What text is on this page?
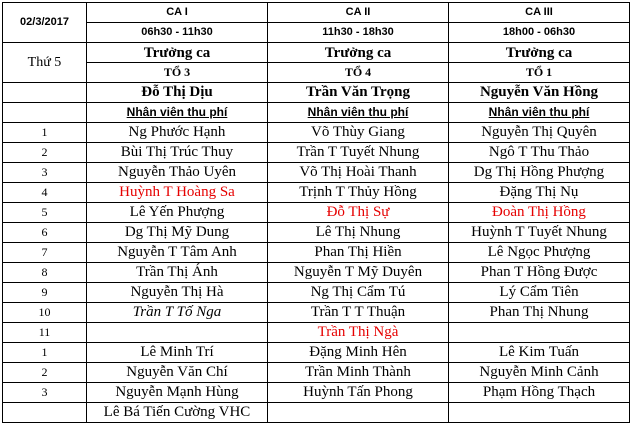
02/3/2017	CA I	CA II	CA III
	06h30 - 11h30	11h30 - 18h30	18h00 - 06h30
Thứ 5	Trưởng ca	Trưởng ca	Trưởng ca
	TỔ 3	TỔ 4	TỔ 1
	Đỗ Thị Dịu	Trần Văn Trọng	Nguyễn Văn Hồng
	Nhân viên thu phí	Nhân viên thu phí	Nhân viên thu phí
1	Ng Phước Hạnh	Võ Thùy Giang	Nguyễn Thị Quyên
2	Bùi Thị Trúc Thuy	Trần T Tuyết Nhung	Ngô T Thu Thảo
3	Nguyễn Thảo Uyên	Võ Thị Hoài Thanh	Dg Thị Hồng Phượng
4	Huỳnh T Hoàng Sa	Trịnh T Thủy Hồng	Đặng Thị Nụ
5	Lê Yến Phượng	Đỗ Thị Sự	Đoàn Thị Hồng
6	Dg Thị Mỹ Dung	Lê Thị Nhung	Huỳnh T Tuyết Nhung
7	Nguyễn T Tâm Anh	Phan Thị Hiền	Lê Ngọc Phượng
8	Trần Thị Ánh	Nguyễn T Mỹ Duyên	Phan T Hồng Được
9	Nguyễn Thị Hà	Ng Thị Cẩm Tú	Lý Cẩm Tiên
10	Trần T Tố Nga	Trần T T Thuận	Phan Thị Nhung
11		Trần Thị Ngà	
1	Lê Minh Trí	Đặng Minh Hên	Lê Kim Tuấn
2	Nguyễn Văn Chí	Trần Minh Thành	Nguyễn Minh Cảnh
3	Nguyễn Mạnh Hùng	Huỳnh Tấn Phong	Phạm Hồng Thạch
	Lê Bá Tiến Cường VHC		
